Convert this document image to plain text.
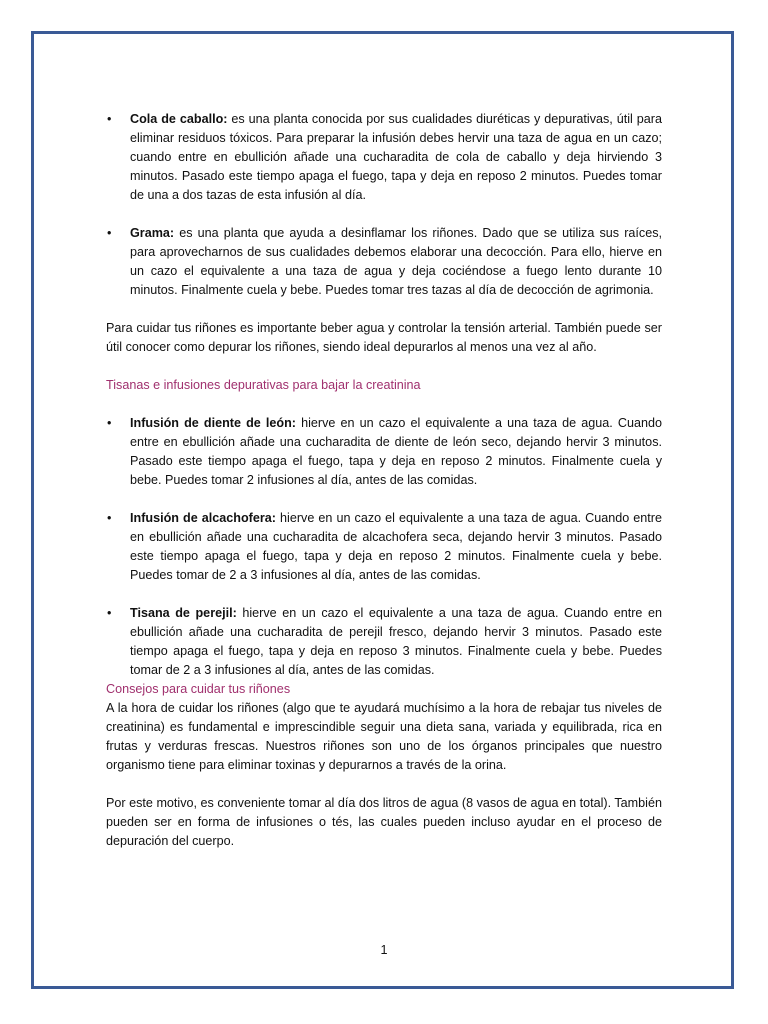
• Cola de caballo: es una planta conocida por sus cualidades diuréticas y depurativas, útil para eliminar residuos tóxicos. Para preparar la infusión debes hervir una taza de agua en un cazo; cuando entre en ebullición añade una cucharadita de cola de caballo y deja hirviendo 3 minutos. Pasado este tiempo apaga el fuego, tapa y deja en reposo 2 minutos. Puedes tomar de una a dos tazas de esta infusión al día.
• Grama: es una planta que ayuda a desinflamar los riñones. Dado que se utiliza sus raíces, para aprovecharnos de sus cualidades debemos elaborar una decocción. Para ello, hierve en un cazo el equivalente a una taza de agua y deja cociéndose a fuego lento durante 10 minutos. Finalmente cuela y bebe. Puedes tomar tres tazas al día de decocción de agrimonia.

Para cuidar tus riñones es importante beber agua y controlar la tensión arterial. También puede ser útil conocer como depurar los riñones, siendo ideal depurarlos al menos una vez al año.

Tisanas e infusiones depurativas para bajar la creatinina

• Infusión de diente de león: hierve en un cazo el equivalente a una taza de agua. Cuando entre en ebullición añade una cucharadita de diente de león seco, dejando hervir 3 minutos. Pasado este tiempo apaga el fuego, tapa y deja en reposo 2 minutos. Finalmente cuela y bebe. Puedes tomar 2 infusiones al día, antes de las comidas.
• Infusión de alcachofera: hierve en un cazo el equivalente a una taza de agua. Cuando entre en ebullición añade una cucharadita de alcachofera seca, dejando hervir 3 minutos. Pasado este tiempo apaga el fuego, tapa y deja en reposo 2 minutos. Finalmente cuela y bebe. Puedes tomar de 2 a 3 infusiones al día, antes de las comidas.
• Tisana de perejil: hierve en un cazo el equivalente a una taza de agua. Cuando entre en ebullición añade una cucharadita de perejil fresco, dejando hervir 3 minutos. Pasado este tiempo apaga el fuego, tapa y deja en reposo 3 minutos. Finalmente cuela y bebe. Puedes tomar de 2 a 3 infusiones al día, antes de las comidas.

Consejos para cuidar tus riñones

A la hora de cuidar los riñones (algo que te ayudará muchísimo a la hora de rebajar tus niveles de creatinina) es fundamental e imprescindible seguir una dieta sana, variada y equilibrada, rica en frutas y verduras frescas. Nuestros riñones son uno de los órganos principales que nuestro organismo tiene para eliminar toxinas y depurarnos a través de la orina.

Por este motivo, es conveniente tomar al día dos litros de agua (8 vasos de agua en total). También pueden ser en forma de infusiones o tés, las cuales pueden incluso ayudar en el proceso de depuración del cuerpo.

1
